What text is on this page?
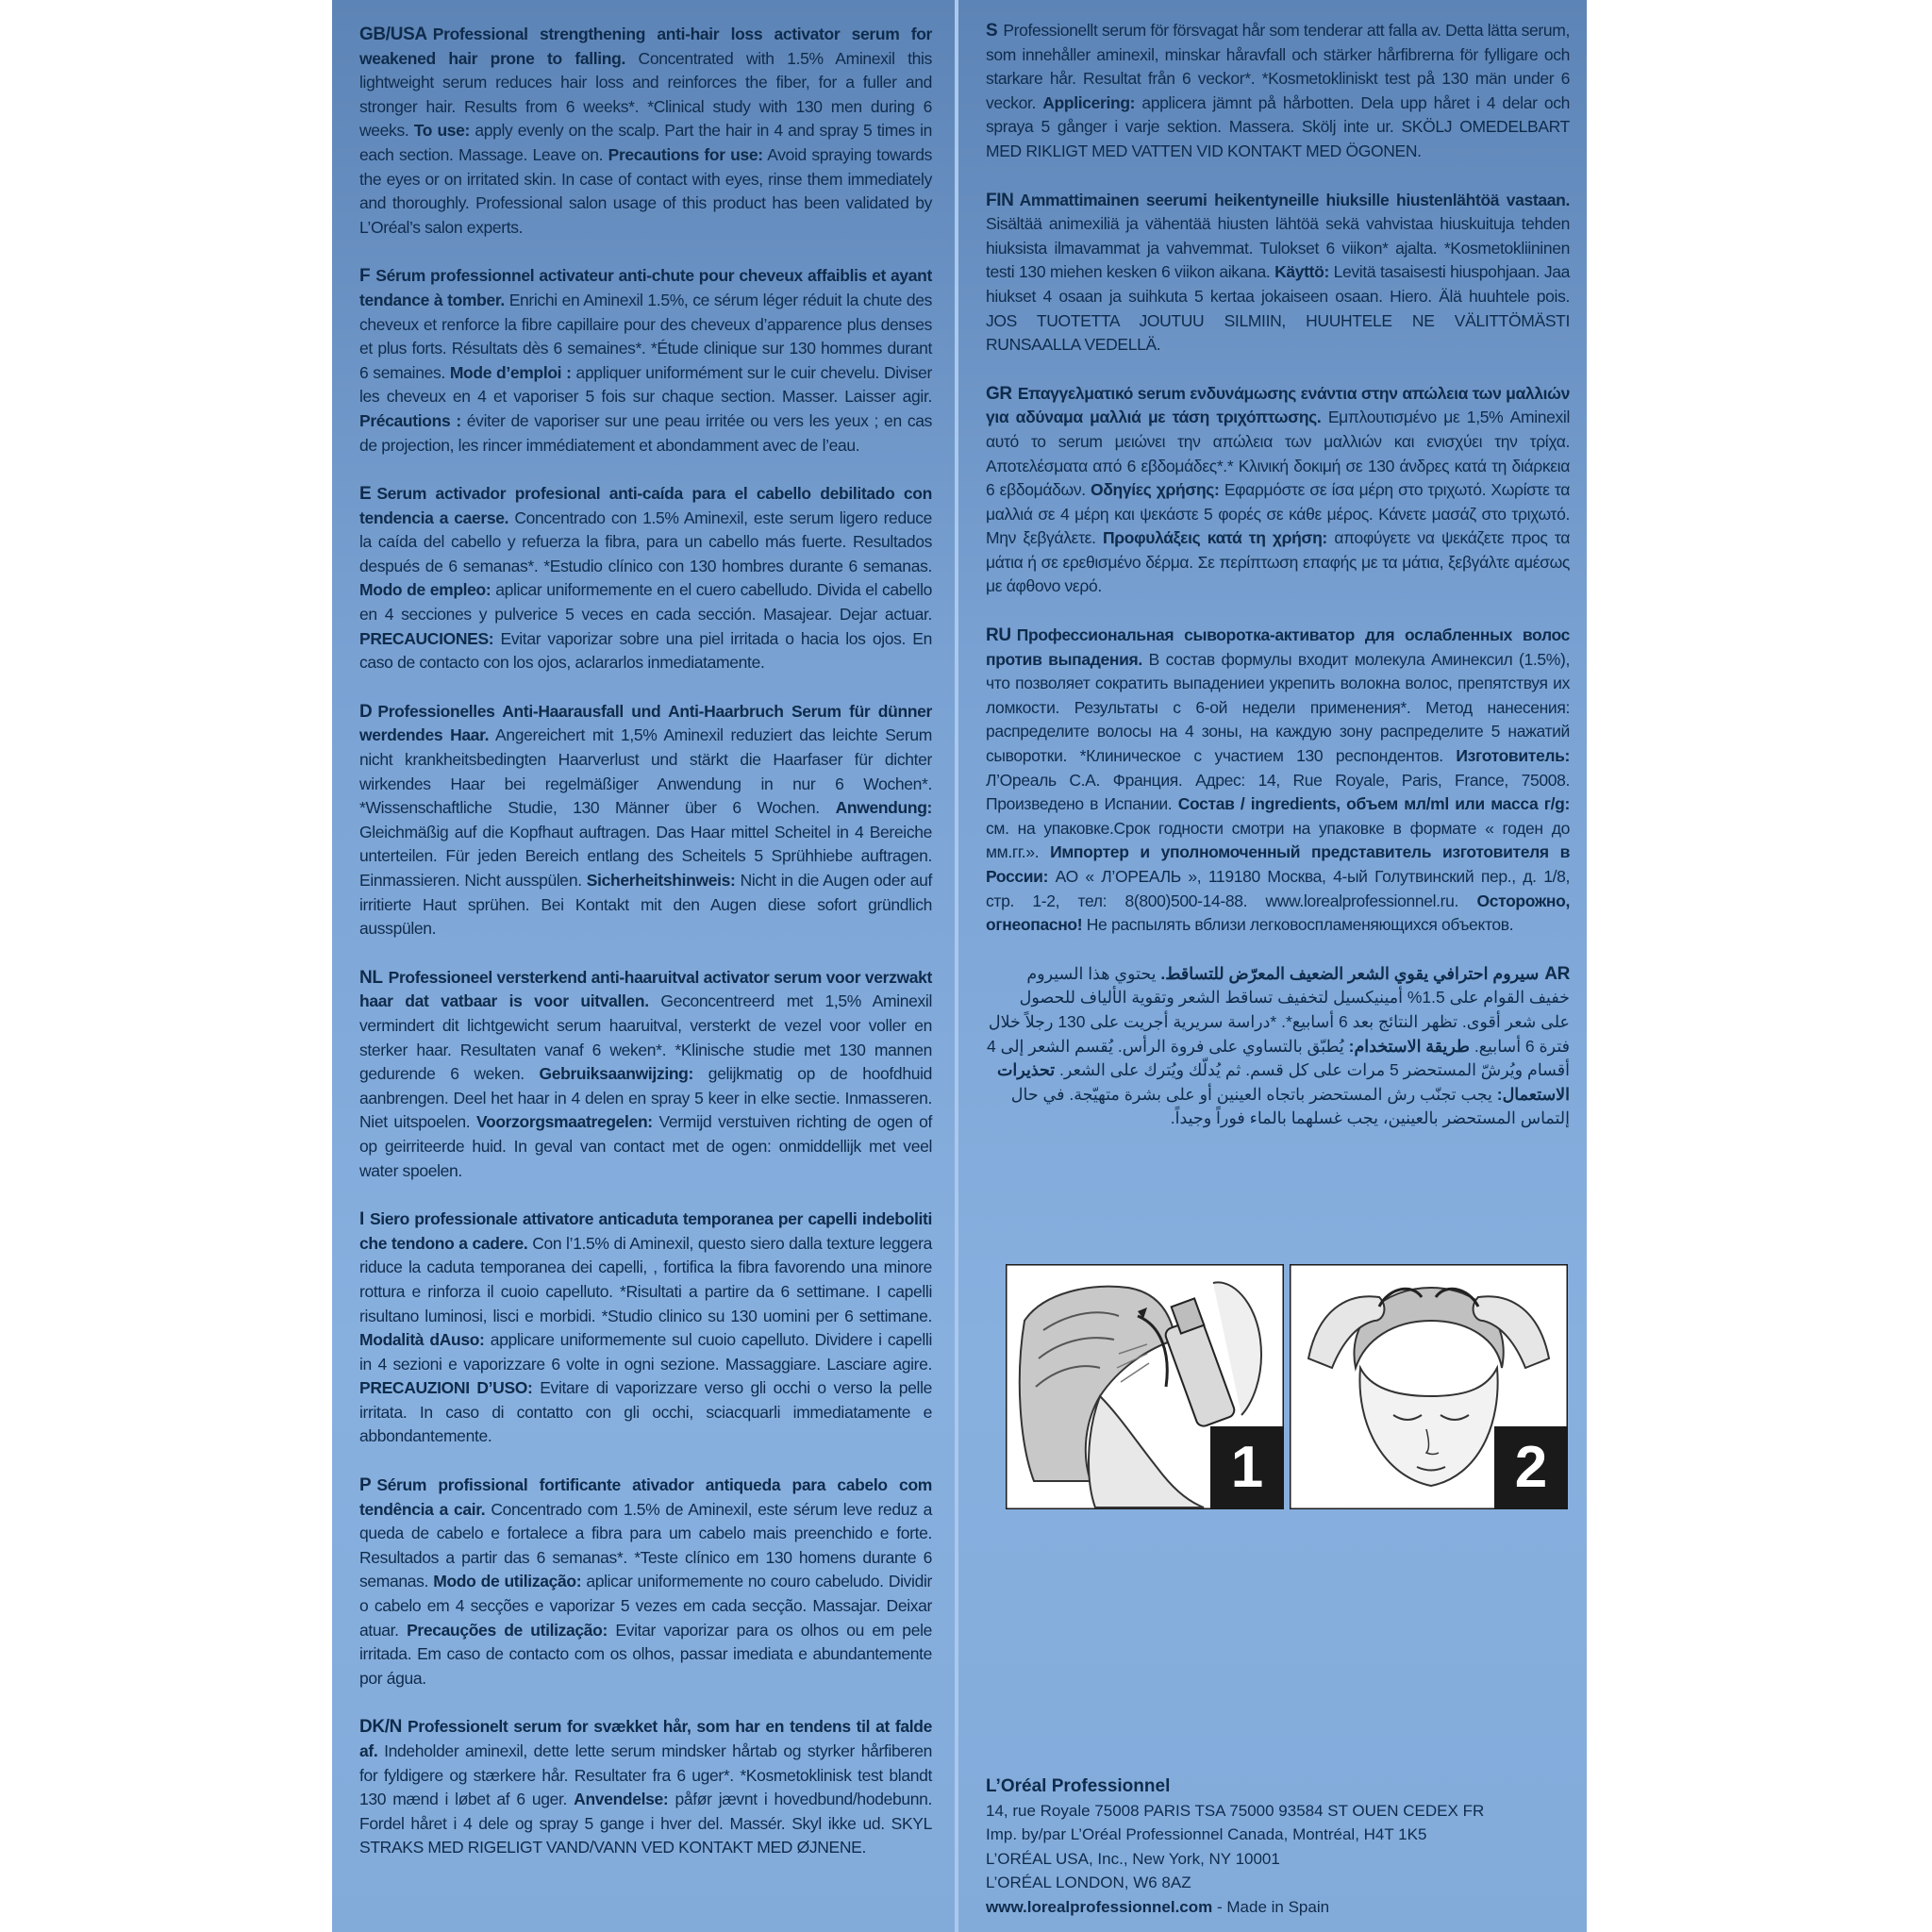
GB/USA Professional strengthening anti-hair loss activator serum for weakened hair prone to falling. Concentrated with 1.5% Aminexil this lightweight serum reduces hair loss and reinforces the fiber, for a fuller and stronger hair. Results from 6 weeks*. *Clinical study with 130 men during 6 weeks. To use: apply evenly on the scalp. Part the hair in 4 and spray 5 times in each section. Massage. Leave on. Precautions for use: Avoid spraying towards the eyes or on irritated skin. In case of contact with eyes, rinse them immediately and thoroughly. Professional salon usage of this product has been validated by L’Oréal’s salon experts.

F Sérum professionnel activateur anti-chute pour cheveux affaiblis et ayant tendance à tomber. Enrichi en Aminexil 1.5%, ce sérum léger réduit la chute des cheveux et renforce la fibre capillaire pour des cheveux d’apparence plus denses et plus forts. Résultats dès 6 semaines*. *Étude clinique sur 130 hommes durant 6 semaines. Mode d’emploi : appliquer uniformément sur le cuir chevelu. Diviser les cheveux en 4 et vaporiser 5 fois sur chaque section. Masser. Laisser agir. Précautions : éviter de vaporiser sur une peau irritée ou vers les yeux ; en cas de projection, les rincer immédiatement et abondamment avec de l’eau.

E Serum activador profesional anti-caída para el cabello debilitado con tendencia a caerse. Concentrado con 1.5% Aminexil, este serum ligero reduce la caída del cabello y refuerza la fibra, para un cabello más fuerte. Resultados después de 6 semanas*. *Estudio clínico con 130 hombres durante 6 semanas. Modo de empleo: aplicar uniformemente en el cuero cabelludo. Divida el cabello en 4 secciones y pulverice 5 veces en cada sección. Masajear. Dejar actuar. PRECAUCIONES: Evitar vaporizar sobre una piel irritada o hacia los ojos. En caso de contacto con los ojos, aclararlos inmediatamente.

D Professionelles Anti-Haarausfall und Anti-Haarbruch Serum für dünner werdendes Haar. Angereichert mit 1,5% Aminexil reduziert das leichte Serum nicht krankheitsbedingten Haarverlust und stärkt die Haarfaser für dichter wirkendes Haar bei regelmäßiger Anwendung in nur 6 Wochen*. *Wissenschaftliche Studie, 130 Männer über 6 Wochen. Anwendung: Gleichmäßig auf die Kopfhaut auftragen. Das Haar mittel Scheitel in 4 Bereiche unterteilen. Für jeden Bereich entlang des Scheitels 5 Sprühhiebe auftragen. Einmassieren. Nicht ausspülen. Sicherheitshinweis: Nicht in die Augen oder auf irritierte Haut sprühen. Bei Kontakt mit den Augen diese sofort gründlich ausspülen.

NL Professioneel versterkend anti-haaruitval activator serum voor verzwakt haar dat vatbaar is voor uitvallen. Geconcentreerd met 1,5% Aminexil vermindert dit lichtgewicht serum haaruitval, versterkt de vezel voor voller en sterker haar. Resultaten vanaf 6 weken*. *Klinische studie met 130 mannen gedurende 6 weken. Gebruiksaanwijzing: gelijkmatig op de hoofdhuid aanbrengen. Deel het haar in 4 delen en spray 5 keer in elke sectie. Inmasseren. Niet uitspoelen. Voorzorgsmaatregelen: Vermijd verstuiven richting de ogen of op geirriteerde huid. In geval van contact met de ogen: onmiddellijk met veel water spoelen.

I Siero professionale attivatore anticaduta temporanea per capelli indeboliti che tendono a cadere. Con l’1.5% di Aminexil, questo siero dalla texture leggera riduce la caduta temporanea dei capelli, , fortifica la fibra favorendo una minore rottura e rinforza il cuoio capelluto. *Risultati a partire da 6 settimane. I capelli risultano luminosi, lisci e morbidi. *Studio clinico su 130 uomini per 6 settimane. Modalità dAuso: applicare uniformemente sul cuoio capelluto. Dividere i capelli in 4 sezioni e vaporizzare 6 volte in ogni sezione. Massaggiare. Lasciare agire. PRECAUZIONI D’USO: Evitare di vaporizzare verso gli occhi o verso la pelle irritata. In caso di contatto con gli occhi, sciacquarli immediatamente e abbondantemente.

P Sérum profissional fortificante ativador antiqueda para cabelo com tendência a cair. Concentrado com 1.5% de Aminexil, este sérum leve reduz a queda de cabelo e fortalece a fibra para um cabelo mais preenchido e forte. Resultados a partir das 6 semanas*. *Teste clínico em 130 homens durante 6 semanas. Modo de utilização: aplicar uniformemente no couro cabeludo. Dividir o cabelo em 4 secções e vaporizar 5 vezes em cada secção. Massajar. Deixar atuar. Precauções de utilização: Evitar vaporizar para os olhos ou em pele irritada. Em caso de contacto com os olhos, passar imediata e abundantemente por água.

DK/N Professionelt serum for svækket hår, som har en tendens til at falde af. Indeholder aminexil, dette lette serum mindsker hårtab og styrker hårfiberen for fyldigere og stærkere hår. Resultater fra 6 uger*. *Kosmetoklinisk test blandt 130 mænd i løbet af 6 uger. Anvendelse: påfør jævnt i hovedbund/hodebunn. Fordel håret i 4 dele og spray 5 gange i hver del. Massér. Skyl ikke ud. SKYL STRAKS MED RIGELIGT VAND/VANN VED KONTAKT MED ØJNENE.

S Professionellt serum för försvagat hår som tenderar att falla av. Detta lätta serum, som innehåller aminexil, minskar håravfall och stärker hårfibrerna för fylligare och starkare hår. Resultat från 6 veckor*. *Kosmetokliniskt test på 130 män under 6 veckor. Applicering: applicera jämnt på hårbotten. Dela upp håret i 4 delar och spraya 5 gånger i varje sektion. Massera. Skölj inte ur. SKÖLJ OMEDELBART MED RIKLIGT MED VATTEN VID KONTAKT MED ÖGONEN.

FIN Ammattimainen seerumi heikentyneille hiuksille hiustenlähtöä vastaan. Sisältää animexiliä ja vähentää hiusten lähtöä sekä vahvistaa hiuskuituja tehden hiuksista ilmavammat ja vahvemmat. Tulokset 6 viikon* ajalta. *Kosmetokliininen testi 130 miehen kesken 6 viikon aikana. Käyttö: Levitä tasaisesti hiuspohjaan. Jaa hiukset 4 osaan ja suihkuta 5 kertaa jokaiseen osaan. Hiero. Älä huuhtele pois. JOS TUOTETTA JOUTUU SILMIIN, HUUHTELE NE VÄLITTÖMÄSTI RUNSAALLA VEDELLÄ.

GR Επαγγελματικό serum ενδυνάμωσης ενάντια στην απώλεια των μαλλιών για αδύναμα μαλλιά με τάση τριχόπτωσης. Εμπλουτισμένο με 1,5% Aminexil αυτό το serum μειώνει την απώλεια των μαλλιών και ενισχύει την τρίχα. Αποτελέσματα από 6 εβδομάδες*.* Κλινική δοκιμή σε 130 άνδρες κατά τη διάρκεια 6 εβδομάδων. Οδηγίες χρήσης: Εφαρμόστε σε ίσα μέρη στο τριχωτό. Χωρίστε τα μαλλιά σε 4 μέρη και ψεκάστε 5 φορές σε κάθε μέρος. Κάνετε μασάζ στο τριχωτό. Μην ξεβγάλετε. Προφυλάξεις κατά τη χρήση: αποφύγετε να ψεκάζετε προς τα μάτια ή σε ερεθισμένο δέρμα. Σε περίπτωση επαφής με τα μάτια, ξεβγάλτε αμέσως με άφθονο νερό.

RU Профессиональная сыворотка-активатор для ослабленных волос против выпадения. В состав формулы входит молекула Аминексил (1.5%), что позволяет сократить выпадениеи укрепить волокна волос, препятствуя их ломкости. Результаты с 6-ой недели применения*. Метод нанесения: распределите волосы на 4 зоны, на каждую зону распределите 5 нажатий сыворотки. *Клиническое с участием 130 респондентов. Изготовитель: Л’Ореаль С.А. Франция. Адрес: 14, Rue Royale, Paris, France, 75008. Произведено в Испании. Состав / ingredients, объем мл/ml или масса г/g: см. на упаковке.Срок годности смотри на упаковке в формате « годен до мм.гг.». Импортер и уполномоченный представитель изготовителя в России: АО « Л’ОРЕАЛЬ », 119180 Москва, 4-ый Голутвинский пер., д. 1/8, стр. 1-2, тел: 8(800)500-14-88. www.lorealprofessionnel.ru. Осторожно, огнеопасно! Не распылять вблизи легковоспламеняющихся объектов.

ARسيروم احترافي يقوي الشعر الضعيف المعرّض للتساقط. يحتوي هذا السيروم خفيف القوام على 1.5% أمينيكسيل لتخفيف تساقط الشعر وتقوية الألياف للحصول على شعر أقوى. تظهر النتائج بعد 6 أسابيع*. *دراسة سريرية أجريت على 130 رجلاً خلال فترة 6 أسابيع. طريقة الاستخدام: يُطبّق بالتساوي على فروة الرأس. يُقسم الشعر إلى 4 أقسام ويُرشّ المستحضر 5 مرات على كل قسم. ثم يُدلّك ويُترك على الشعر. تحذيرات الاستعمال: يجب تجنّب رش المستحضر باتجاه العينين أو على بشرة متهيّجة. في حال إلتماس المستحضر بالعينين، يجب غسلهما بالماء فوراً وجيداً.

1	2
L’Oréal Professionnel
14, rue Royale 75008 PARIS TSA 75000 93584 ST OUEN CEDEX FR
Imp. by/par L’Oréal Professionnel Canada, Montréal, H4T 1K5
L’ORÉAL USA, Inc., New York, NY 10001
L’ORÉAL LONDON, W6 8AZ
www.lorealprofessionnel.com - Made in Spain
